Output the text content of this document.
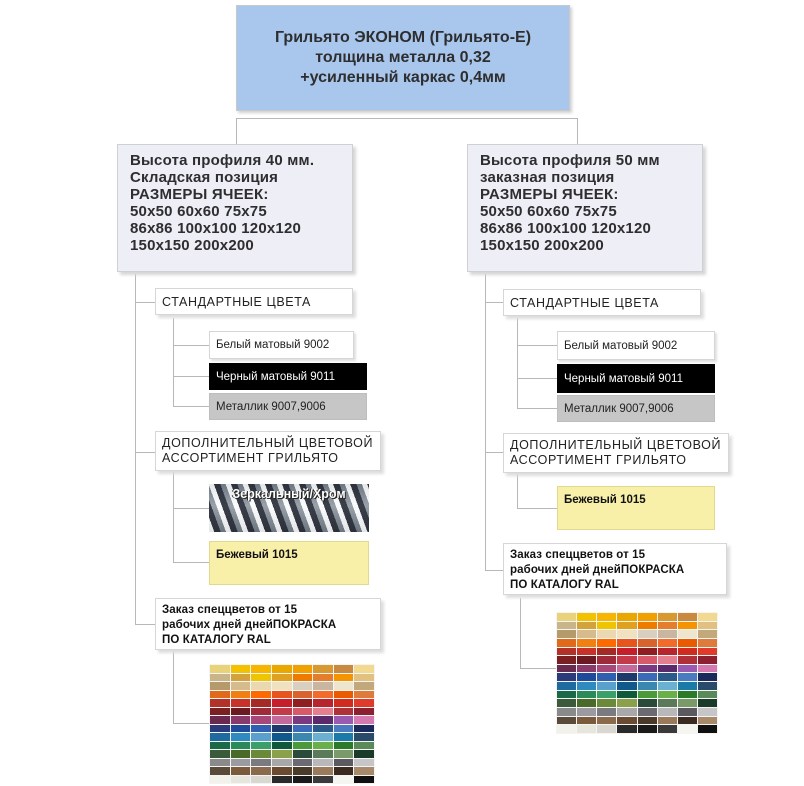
Грильято ЭКОНОМ (Грильято-Е)
толщина металла 0,32
+усиленный каркас 0,4мм
Высота профиля 40 мм.
Складская позиция
РАЗМЕРЫ ЯЧЕЕК:
50x50 60x60 75x75
86x86 100x100 120x120
150x150 200x200
СТАНДАРТНЫЕ ЦВЕТА
Белый матовый 9002
Черный матовый 9011
Металлик 9007,9006
ДОПОЛНИТЕЛЬНЫЙ ЦВЕТОВОЙ
АССОРТИМЕНТ ГРИЛЬЯТО
Зеркальный/Хром
Бежевый 1015
Заказ спеццветов от 15
рабочих дней днейПОКРАСКА
ПО КАТАЛОГУ RAL
Высота профиля 50 мм
заказная позиция
РАЗМЕРЫ ЯЧЕЕК:
50x50 60x60 75x75
86x86 100x100 120x120
150x150 200x200
СТАНДАРТНЫЕ ЦВЕТА
Белый матовый 9002
Черный матовый 9011
Металлик 9007,9006
ДОПОЛНИТЕЛЬНЫЙ ЦВЕТОВОЙ
АССОРТИМЕНТ ГРИЛЬЯТО
Бежевый 1015
Заказ спеццветов от 15
рабочих дней днейПОКРАСКА
ПО КАТАЛОГУ RAL
